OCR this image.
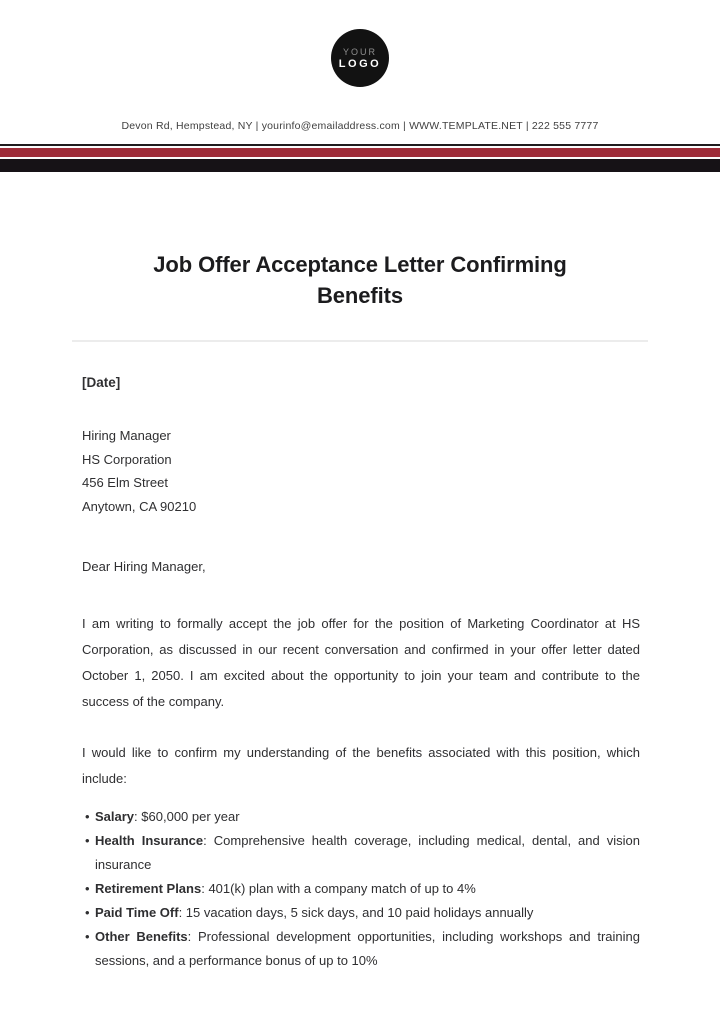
YOUR
LOGO
Devon Rd, Hempstead, NY | yourinfo@emailaddress.com | WWW.TEMPLATE.NET | 222 555 7777
Job Offer Acceptance Letter Confirming Benefits
[Date]
Hiring Manager
HS Corporation
456 Elm Street
Anytown, CA 90210
Dear Hiring Manager,

I am writing to formally accept the job offer for the position of Marketing Coordinator at HS Corporation, as discussed in our recent conversation and confirmed in your offer letter dated October 1, 2050. I am excited about the opportunity to join your team and contribute to the success of the company.

I would like to confirm my understanding of the benefits associated with this position, which include:

• Salary: $60,000 per year
• Health Insurance: Comprehensive health coverage, including medical, dental, and vision insurance
• Retirement Plans: 401(k) plan with a company match of up to 4%
• Paid Time Off: 15 vacation days, 5 sick days, and 10 paid holidays annually
• Other Benefits: Professional development opportunities, including workshops and training sessions, and a performance bonus of up to 10%
